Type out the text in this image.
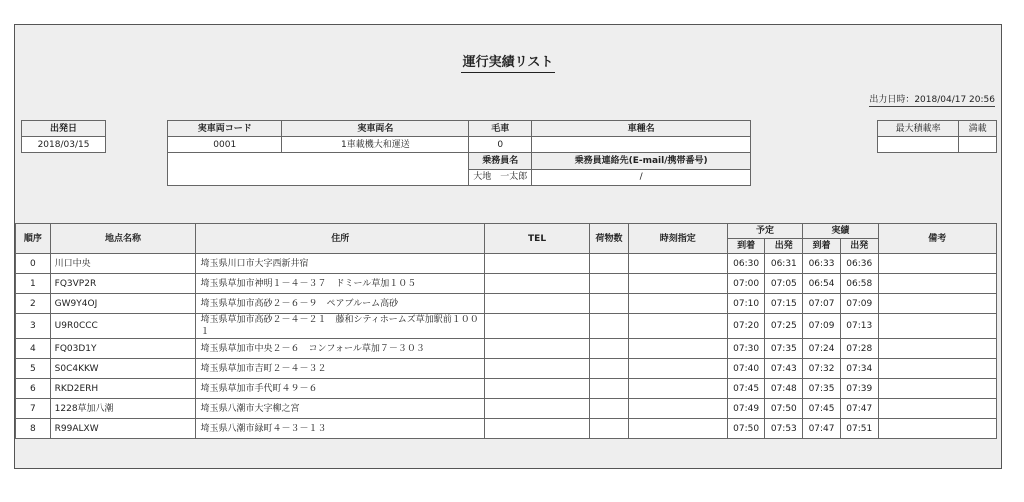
運行実績リスト
出力日時：2018/04/17 20:56
出発日
2018/03/15
実車両コード	実車両名	毛車	車種名
0001	1車載機大和運送	0	
		乗務員名	乗務員連絡先(E-mail/携帯番号)
		大地　一太郎	/
最大積載率	満載

順序	地点名称	住所	TEL	荷物数	時刻指定	予定		実績		備考
						到着	出発	到着	出発	
0	川口中央	埼玉県川口市大字西新井宿				06:30	06:31	06:33	06:36	
1	FQ3VP2R	埼玉県草加市神明１－４－３７　ドミール草加１０５				07:00	07:05	06:54	06:58	
2	GW9Y4OJ	埼玉県草加市高砂２－６－９　ペアブルーム高砂				07:10	07:15	07:07	07:09	
3	U9R0CCC	埼玉県草加市高砂２－４－２１　藤和シティホームズ草加駅前１００１				07:20	07:25	07:09	07:13	
4	FQ03D1Y	埼玉県草加市中央２－６　コンフォール草加７－３０３				07:30	07:35	07:24	07:28	
5	S0C4KKW	埼玉県草加市吉町２－４－３２				07:40	07:43	07:32	07:34	
6	RKD2ERH	埼玉県草加市手代町４９－６				07:45	07:48	07:35	07:39	
7	1228草加八潮	埼玉県八潮市大字柳之宮				07:49	07:50	07:45	07:47	
8	R99ALXW	埼玉県八潮市緑町４－３－１３				07:50	07:53	07:47	07:51	
